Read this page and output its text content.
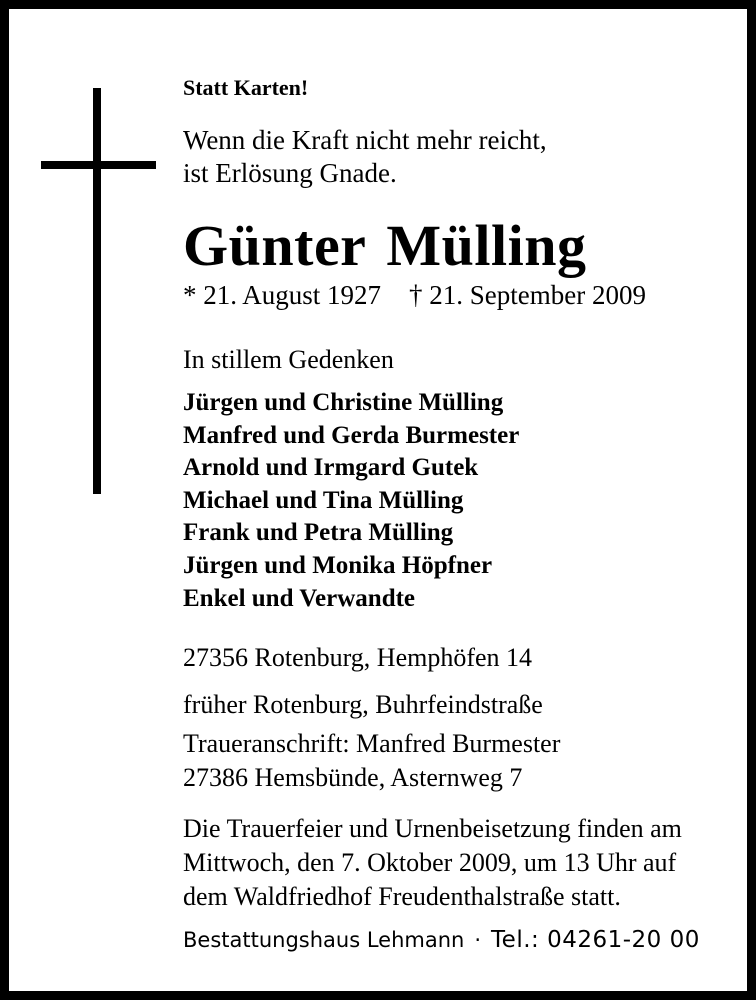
Statt Karten!

Wenn die Kraft nicht mehr reicht,

ist Erlösung Gnade.

Günter Mülling

* 21. August 1927 † 21. September 2009

In stillem Gedenken

Jürgen und Christine Mülling
Manfred und Gerda Burmester
Arnold und Irmgard Gutek
Michael und Tina Mülling
Frank und Petra Mülling
Jürgen und Monika Höpfner
Enkel und Verwandte

27356 Rotenburg, Hemphöfen 14

früher Rotenburg, Buhrfeindstraße

Traueranschrift: Manfred Burmester

27386 Hemsbünde, Asternweg 7

Die Trauerfeier und Urnenbeisetzung finden am
Mittwoch, den 7. Oktober 2009, um 13 Uhr auf
dem Waldfriedhof Freudenthalstraße statt.

Bestattungshaus Lehmann · Tel.: 04261-20 00
